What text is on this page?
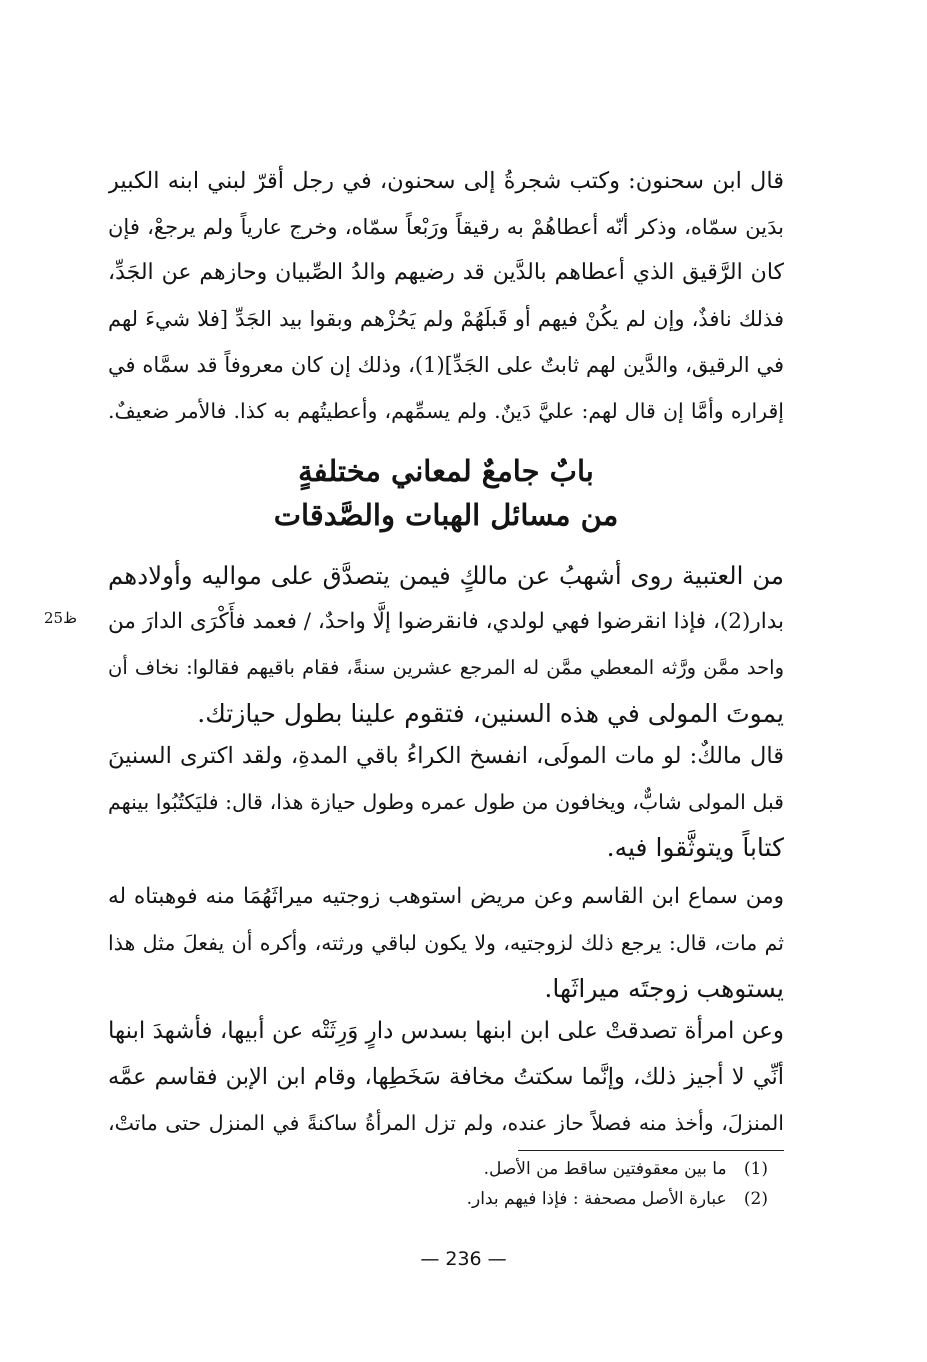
قال ابن سحنون: وكتب شجرةُ إلى سحنون، في رجل أقرّ لبني ابنه الكبير
بدَين سمّاه، وذكر أنّه أعطاهُمْ به رقيقاً ورَبْعاً سمّاه، وخرج عارياً ولم يرجعْ، فإن
كان الرَّقيق الذي أعطاهم بالدَّين قد رضيهم والدُ الصِّبيان وحازهم عن الجَدِّ،
فذلك نافذٌ، وإن لم يكُنْ فيهم أو قَبلَهُمْ ولم يَحُزْهم وبقوا بيد الجَدِّ [فلا شيءَ لهم
في الرقيق، والدَّين لهم ثابتٌ على الجَدِّ](1)، وذلك إن كان معروفاً قد سمَّاه في
إقراره وأمَّا إن قال لهم: عليَّ دَينٌ. ولم يسمِّهم، وأعطيتُهم به كذا. فالأمر ضعيفٌ.
بابٌ جامعٌ لمعاني مختلفةٍ
من مسائل الهبات والصَّدقات
من العتبية روى أشهبُ عن مالكٍ فيمن يتصدَّق على مواليه وأولادهم
بدار(2)، فإذا انقرضوا فهي لولدي، فانقرضوا إلَّا واحدٌ، / فعمد فأَكْرَى الدارَ من
واحد ممَّن ورَّثه المعطي ممَّن له المرجع عشرين سنةً، فقام باقيهم فقالوا: نخاف أن
يموتَ المولى في هذه السنين، فتقوم علينا بطول حيازتك.
ظ25
قال مالكٌ: لو مات المولَى، انفسخ الكراءُ باقي المدةِ، ولقد اكترى السنينَ
قبل المولى شابٌّ، ويخافون من طول عمره وطول حيازة هذا، قال: فليَكتُبُوا بينهم
كتاباً ويتوثَّقوا فيه.
ومن سماع ابن القاسم وعن مريض استوهب زوجتيه ميراثَهُمَا منه فوهبتاه له
ثم مات، قال: يرجع ذلك لزوجتيه، ولا يكون لباقي ورثته، وأكره أن يفعلَ مثل هذا
يستوهب زوجتَه ميراثَها.
وعن امرأة تصدقتْ على ابن ابنها بسدس دارٍ وَرِثَتْه عن أبيها، فأشهدَ ابنها
أنِّي لا أجيز ذلك، وإنَّما سكتتُ مخافة سَخَطِها، وقام ابن الإبن فقاسم عمَّه
المنزلَ، وأخذ منه فصلاً حاز عنده، ولم تزل المرأةُ ساكنةً في المنزل حتى ماتتْ،
(1) ما بين معقوفتين ساقط من الأصل.
(2) عبارة الأصل مصحفة : فإذا فيهم بدار.
— 236 —
